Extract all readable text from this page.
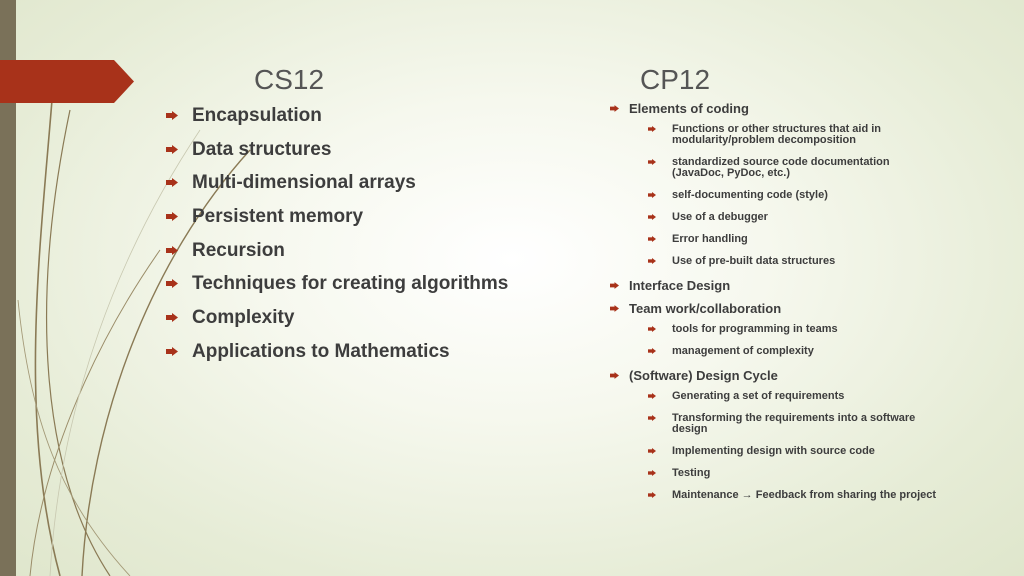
CS12	CP12
Encapsulation
Data structures
Multi-dimensional arrays
Persistent memory
Recursion
Techniques for creating algorithms
Complexity
Applications to Mathematics
Elements of coding
Functions or other structures that aid in modularity/problem decomposition
standardized source code documentation (JavaDoc, PyDoc, etc.)
self-documenting code (style)
Use of a debugger
Error handling
Use of pre-built data structures
Interface Design
Team work/collaboration
tools for programming in teams
management of complexity
(Software) Design Cycle
Generating a set of requirements
Transforming the requirements into a software design
Implementing design with source code
Testing
Maintenance → Feedback from sharing the project
